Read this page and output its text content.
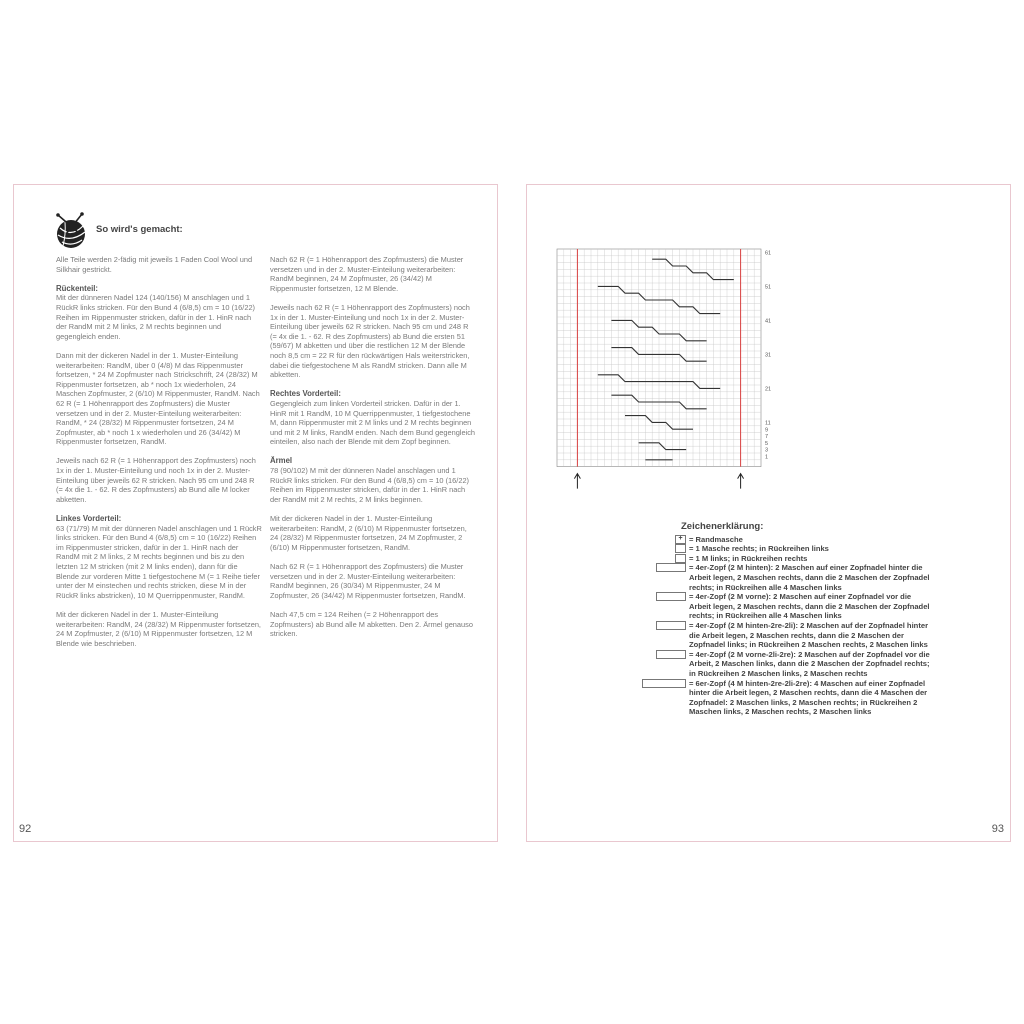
So wird's gemacht:

Alle Teile werden 2-fädig mit jeweils 1 Faden Cool Wool und Silkhair gestrickt.

Rückenteil:

Mit der dünneren Nadel 124 (140/156) M anschlagen und 1 RückR links stricken. Für den Bund 4 (6/8,5) cm = 10 (16/22) Reihen im Rippenmuster stricken, dafür in der 1. HinR nach der RandM mit 2 M links, 2 M rechts beginnen und gegengleich enden.

Dann mit der dickeren Nadel in der 1. Muster-Einteilung weiterarbeiten: RandM, über 0 (4/8) M das Rippenmuster fortsetzen, * 24 M Zopfmuster nach Strickschrift, 24 (28/32) M Rippenmuster fortsetzen, ab * noch 1x wiederholen, 24 Maschen Zopfmuster, 2 (6/10) M Rippenmuster, RandM. Nach 62 R (= 1 Höhenrapport des Zopfmusters) die Muster versetzen und in der 2. Muster-Einteilung weiterarbeiten: RandM, * 24 (28/32) M Rippenmuster fortsetzen, 24 M Zopfmuster, ab * noch 1 x wiederholen und 26 (34/42) M Rippenmuster fortsetzen, RandM.

Jeweils nach 62 R (= 1 Höhenrapport des Zopfmusters) noch 1x in der 1. Muster-Einteilung und noch 1x in der 2. Muster-Einteilung über jeweils 62 R stricken. Nach 95 cm und 248 R (= 4x die 1. - 62. R des Zopfmusters) ab Bund alle M locker abketten.

Linkes Vorderteil:

63 (71/79) M mit der dünneren Nadel anschlagen und 1 RückR links stricken. Für den Bund 4 (6/8,5) cm = 10 (16/22) Reihen im Rippenmuster stricken, dafür in der 1. HinR nach der RandM mit 2 M links, 2 M rechts beginnen und bis zu den letzten 12 M stricken (mit 2 M links enden), dann für die Blende zur vorderen Mitte 1 tiefgestochene M (= 1 Reihe tiefer unter der M einstechen und rechts stricken, diese M in der RückR links abstricken), 10 M Querrippenmuster, RandM.

Mit der dickeren Nadel in der 1. Muster-Einteilung weiterarbeiten: RandM, 24 (28/32) M Rippenmuster fortsetzen, 24 M Zopfmuster, 2 (6/10) M Rippenmuster fortsetzen, 12 M Blende wie beschrieben.

Nach 62 R (= 1 Höhenrapport des Zopfmusters) die Muster versetzen und in der 2. Muster-Einteilung weiterarbeiten: RandM beginnen, 24 M Zopfmuster, 26 (34/42) M Rippenmuster fortsetzen, 12 M Blende.

Jeweils nach 62 R (= 1 Höhenrapport des Zopfmusters) noch 1x in der 1. Muster-Einteilung und noch 1x in der 2. Muster-Einteilung über jeweils 62 R stricken. Nach 95 cm und 248 R (= 4x die 1. - 62. R des Zopfmusters) ab Bund die ersten 51 (59/67) M abketten und über die restlichen 12 M der Blende noch 8,5 cm = 22 R für den rückwärtigen Hals weiterstricken, dabei die tiefgestochene M als RandM stricken. Dann alle M abketten.

Rechtes Vorderteil:

Gegengleich zum linken Vorderteil stricken. Dafür in der 1. HinR mit 1 RandM, 10 M Querrippenmuster, 1 tiefgestochene M, dann Rippenmuster mit 2 M links und 2 M rechts beginnen und mit 2 M links, RandM enden. Nach dem Bund gegengleich einteilen, also nach der Blende mit dem Zopf beginnen.

Ärmel

78 (90/102) M mit der dünneren Nadel anschlagen und 1 RückR links stricken. Für den Bund 4 (6/8,5) cm = 10 (16/22) Reihen im Rippenmuster stricken, dafür in der 1. HinR nach der RandM mit 2 M rechts, 2 M links beginnen.

Mit der dickeren Nadel in der 1. Muster-Einteilung weiterarbeiten: RandM, 2 (6/10) M Rippenmuster fortsetzen, 24 (28/32) M Rippenmuster fortsetzen, 24 M Zopfmuster, 2 (6/10) M Rippenmuster fortsetzen, RandM.

Nach 62 R (= 1 Höhenrapport des Zopfmusters) die Muster versetzen und in der 2. Muster-Einteilung weiterarbeiten: RandM beginnen, 26 (30/34) M Rippenmuster, 24 M Zopfmuster, 26 (34/42) M Rippenmuster fortsetzen, RandM.

Nach 47,5 cm = 124 Reihen (= 2 Höhenrapport des Zopfmusters) ab Bund alle M abketten. Den 2. Ärmel genauso stricken.

92
61
51
41
31
21
11
9
7
5
3
1
Zeichenerklärung:
+ = Randmasche
= 1 Masche rechts; in Rückreihen links
= 1 M links; in Rückreihen rechts
= 4er-Zopf (2 M hinten): 2 Maschen auf einer Zopfnadel hinter die Arbeit legen, 2 Maschen rechts, dann die 2 Maschen der Zopfnadel rechts; in Rückreihen alle 4 Maschen links
= 4er-Zopf (2 M vorne): 2 Maschen auf einer Zopfnadel vor die Arbeit legen, 2 Maschen rechts, dann die 2 Maschen der Zopfnadel rechts; in Rückreihen alle 4 Maschen links
= 4er-Zopf (2 M hinten-2re-2li): 2 Maschen auf der Zopfnadel hinter die Arbeit legen, 2 Maschen rechts, dann die 2 Maschen der Zopfnadel links; in Rückreihen 2 Maschen rechts, 2 Maschen links
= 4er-Zopf (2 M vorne-2li-2re): 2 Maschen auf der Zopfnadel vor die Arbeit, 2 Maschen links, dann die 2 Maschen der Zopfnadel rechts; in Rückreihen 2 Maschen links, 2 Maschen rechts
= 6er-Zopf (4 M hinten-2re-2li-2re): 4 Maschen auf einer Zopfnadel hinter die Arbeit legen, 2 Maschen rechts, dann die 4 Maschen der Zopfnadel: 2 Maschen links, 2 Maschen rechts; in Rückreihen 2 Maschen links, 2 Maschen rechts, 2 Maschen links
93
